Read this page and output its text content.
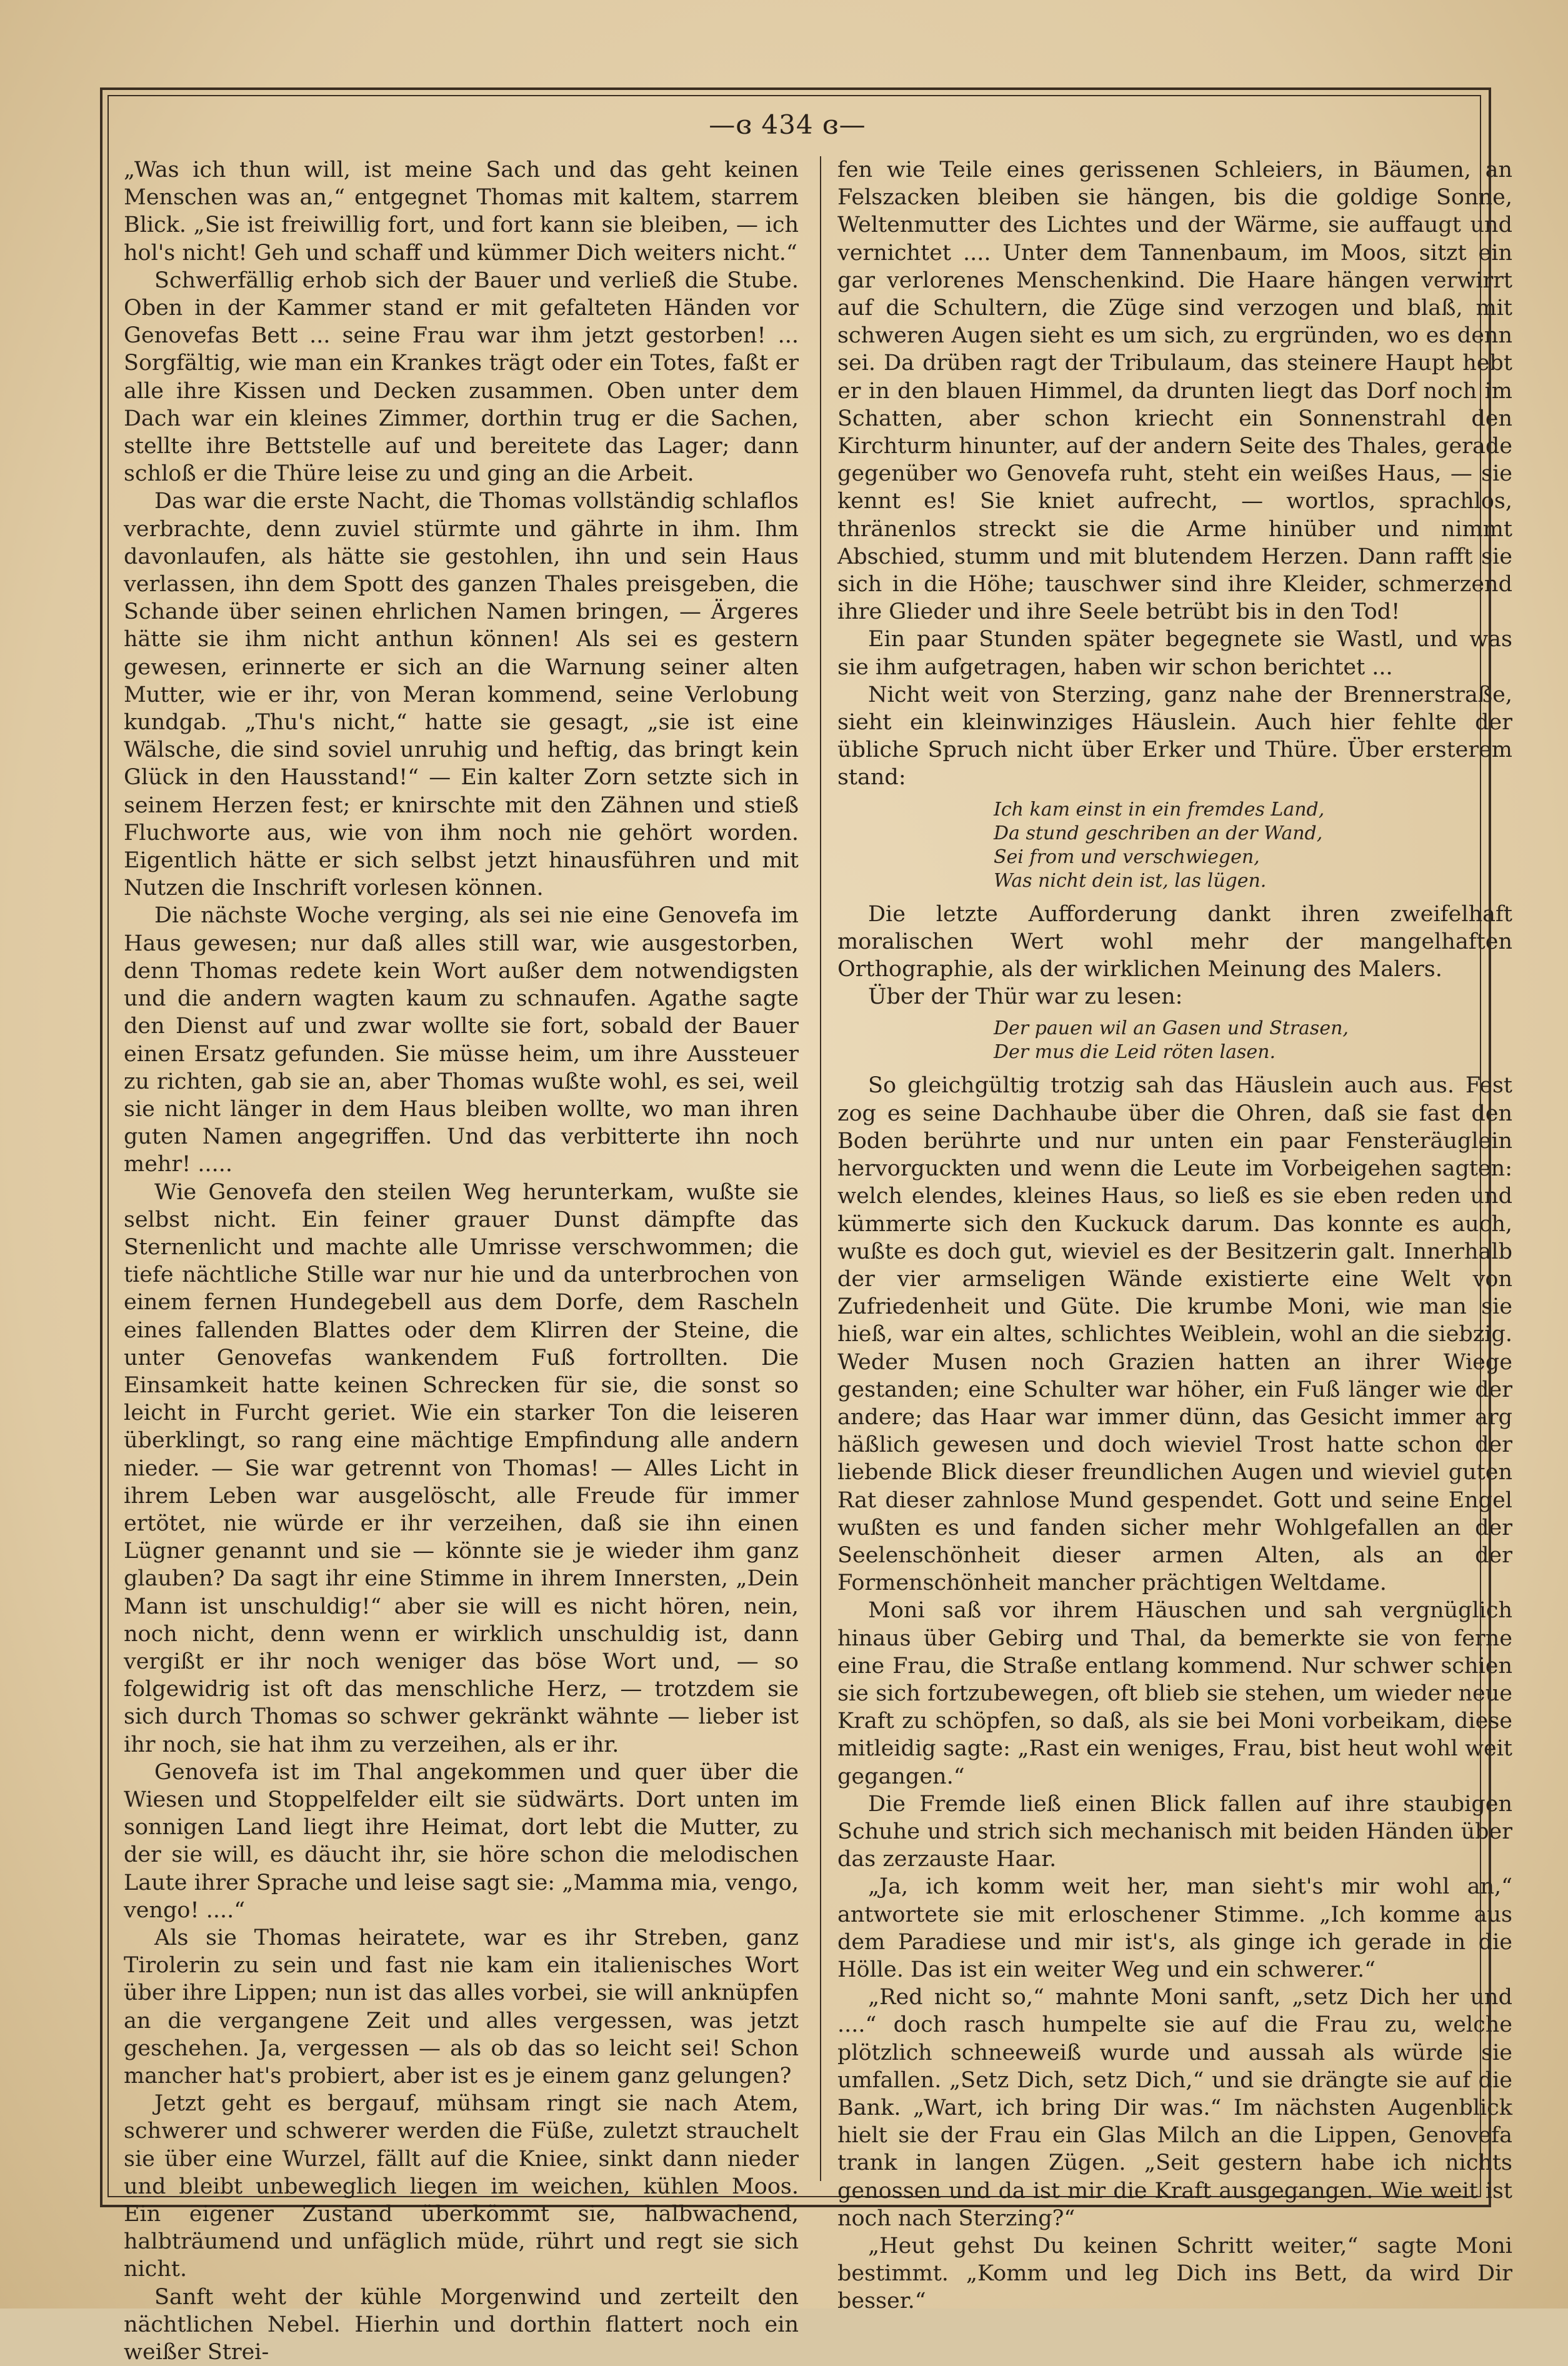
—ɞ 434 ɞ—

„Was ich thun will, ist meine Sach und das geht keinen Menschen was an,“ entgegnet Thomas mit kaltem, starrem Blick. „Sie ist freiwillig fort, und fort kann sie bleiben, — ich hol's nicht! Geh und schaff und kümmer Dich weiters nicht.“

Schwerfällig erhob sich der Bauer und verließ die Stube. Oben in der Kammer stand er mit gefalteten Händen vor Genovefas Bett ... seine Frau war ihm jetzt gestorben! ... Sorgfältig, wie man ein Krankes trägt oder ein Totes, faßt er alle ihre Kissen und Decken zusammen. Oben unter dem Dach war ein kleines Zimmer, dorthin trug er die Sachen, stellte ihre Bettstelle auf und bereitete das Lager; dann schloß er die Thüre leise zu und ging an die Arbeit.

Das war die erste Nacht, die Thomas vollständig schlaflos verbrachte, denn zuviel stürmte und gährte in ihm. Ihm davonlaufen, als hätte sie gestohlen, ihn und sein Haus verlassen, ihn dem Spott des ganzen Thales preisgeben, die Schande über seinen ehrlichen Namen bringen, — Ärgeres hätte sie ihm nicht anthun können! Als sei es gestern gewesen, erinnerte er sich an die Warnung seiner alten Mutter, wie er ihr, von Meran kommend, seine Verlobung kundgab. „Thu's nicht,“ hatte sie gesagt, „sie ist eine Wälsche, die sind soviel unruhig und heftig, das bringt kein Glück in den Hausstand!“ — Ein kalter Zorn setzte sich in seinem Herzen fest; er knirschte mit den Zähnen und stieß Fluchworte aus, wie von ihm noch nie gehört worden. Eigentlich hätte er sich selbst jetzt hinausführen und mit Nutzen die Inschrift vorlesen können.

Die nächste Woche verging, als sei nie eine Genovefa im Haus gewesen; nur daß alles still war, wie ausgestorben, denn Thomas redete kein Wort außer dem notwendigsten und die andern wagten kaum zu schnaufen. Agathe sagte den Dienst auf und zwar wollte sie fort, sobald der Bauer einen Ersatz gefunden. Sie müsse heim, um ihre Aussteuer zu richten, gab sie an, aber Thomas wußte wohl, es sei, weil sie nicht länger in dem Haus bleiben wollte, wo man ihren guten Namen angegriffen. Und das verbitterte ihn noch mehr! .....

Wie Genovefa den steilen Weg herunterkam, wußte sie selbst nicht. Ein feiner grauer Dunst dämpfte das Sternenlicht und machte alle Umrisse verschwommen; die tiefe nächtliche Stille war nur hie und da unterbrochen von einem fernen Hundegebell aus dem Dorfe, dem Rascheln eines fallenden Blattes oder dem Klirren der Steine, die unter Genovefas wankendem Fuß fortrollten. Die Einsamkeit hatte keinen Schrecken für sie, die sonst so leicht in Furcht geriet. Wie ein starker Ton die leiseren überklingt, so rang eine mächtige Empfindung alle andern nieder. — Sie war getrennt von Thomas! — Alles Licht in ihrem Leben war ausgelöscht, alle Freude für immer ertötet, nie würde er ihr verzeihen, daß sie ihn einen Lügner genannt und sie — könnte sie je wieder ihm ganz glauben? Da sagt ihr eine Stimme in ihrem Innersten, „Dein Mann ist unschuldig!“ aber sie will es nicht hören, nein, noch nicht, denn wenn er wirklich unschuldig ist, dann vergißt er ihr noch weniger das böse Wort und, — so folgewidrig ist oft das menschliche Herz, — trotzdem sie sich durch Thomas so schwer gekränkt wähnte — lieber ist ihr noch, sie hat ihm zu verzeihen, als er ihr.

Genovefa ist im Thal angekommen und quer über die Wiesen und Stoppelfelder eilt sie südwärts. Dort unten im sonnigen Land liegt ihre Heimat, dort lebt die Mutter, zu der sie will, es däucht ihr, sie höre schon die melodischen Laute ihrer Sprache und leise sagt sie: „Mamma mia, vengo, vengo! ....“

Als sie Thomas heiratete, war es ihr Streben, ganz Tirolerin zu sein und fast nie kam ein italienisches Wort über ihre Lippen; nun ist das alles vorbei, sie will anknüpfen an die vergangene Zeit und alles vergessen, was jetzt geschehen. Ja, vergessen — als ob das so leicht sei! Schon mancher hat's probiert, aber ist es je einem ganz gelungen?

Jetzt geht es bergauf, mühsam ringt sie nach Atem, schwerer und schwerer werden die Füße, zuletzt strauchelt sie über eine Wurzel, fällt auf die Kniee, sinkt dann nieder und bleibt unbeweglich liegen im weichen, kühlen Moos. Ein eigener Zustand überkömmt sie, halbwachend, halbträumend und unfäglich müde, rührt und regt sie sich nicht.

Sanft weht der kühle Morgenwind und zerteilt den nächtlichen Nebel. Hierhin und dorthin flattert noch ein weißer Strei-

fen wie Teile eines gerissenen Schleiers, in Bäumen, an Felszacken bleiben sie hängen, bis die goldige Sonne, Weltenmutter des Lichtes und der Wärme, sie auffaugt und vernichtet .... Unter dem Tannenbaum, im Moos, sitzt ein gar verlorenes Menschenkind. Die Haare hängen verwirrt auf die Schultern, die Züge sind verzogen und blaß, mit schweren Augen sieht es um sich, zu ergründen, wo es denn sei. Da drüben ragt der Tribulaum, das steinere Haupt hebt er in den blauen Himmel, da drunten liegt das Dorf noch im Schatten, aber schon kriecht ein Sonnenstrahl den Kirchturm hinunter, auf der andern Seite des Thales, gerade gegenüber wo Genovefa ruht, steht ein weißes Haus, — sie kennt es! Sie kniet aufrecht, — wortlos, sprachlos, thränenlos streckt sie die Arme hinüber und nimmt Abschied, stumm und mit blutendem Herzen. Dann rafft sie sich in die Höhe; tauschwer sind ihre Kleider, schmerzend ihre Glieder und ihre Seele betrübt bis in den Tod!

Ein paar Stunden später begegnete sie Wastl, und was sie ihm aufgetragen, haben wir schon berichtet ...

Nicht weit von Sterzing, ganz nahe der Brennerstraße, sieht ein kleinwinziges Häuslein. Auch hier fehlte der übliche Spruch nicht über Erker und Thüre. Über ersterem stand:

Ich kam einst in ein fremdes Land,
Da stund geschriben an der Wand,
Sei from und verschwiegen,
Was nicht dein ist, las lügen.

Die letzte Aufforderung dankt ihren zweifelhaft moralischen Wert wohl mehr der mangelhaften Orthographie, als der wirklichen Meinung des Malers.

Über der Thür war zu lesen:

Der pauen wil an Gasen und Strasen,
Der mus die Leid röten lasen.

So gleichgültig trotzig sah das Häuslein auch aus. Fest zog es seine Dachhaube über die Ohren, daß sie fast den Boden berührte und nur unten ein paar Fensteräuglein hervorguckten und wenn die Leute im Vorbeigehen sagten: welch elendes, kleines Haus, so ließ es sie eben reden und kümmerte sich den Kuckuck darum. Das konnte es auch, wußte es doch gut, wieviel es der Besitzerin galt. Innerhalb der vier armseligen Wände existierte eine Welt von Zufriedenheit und Güte. Die krumbe Moni, wie man sie hieß, war ein altes, schlichtes Weiblein, wohl an die siebzig. Weder Musen noch Grazien hatten an ihrer Wiege gestanden; eine Schulter war höher, ein Fuß länger wie der andere; das Haar war immer dünn, das Gesicht immer arg häßlich gewesen und doch wieviel Trost hatte schon der liebende Blick dieser freundlichen Augen und wieviel guten Rat dieser zahnlose Mund gespendet. Gott und seine Engel wußten es und fanden sicher mehr Wohlgefallen an der Seelenschönheit dieser armen Alten, als an der Formenschönheit mancher prächtigen Weltdame.

Moni saß vor ihrem Häuschen und sah vergnüglich hinaus über Gebirg und Thal, da bemerkte sie von ferne eine Frau, die Straße entlang kommend. Nur schwer schien sie sich fortzubewegen, oft blieb sie stehen, um wieder neue Kraft zu schöpfen, so daß, als sie bei Moni vorbeikam, diese mitleidig sagte: „Rast ein weniges, Frau, bist heut wohl weit gegangen.“

Die Fremde ließ einen Blick fallen auf ihre staubigen Schuhe und strich sich mechanisch mit beiden Händen über das zerzauste Haar.

„Ja, ich komm weit her, man sieht's mir wohl an,“ antwortete sie mit erloschener Stimme. „Ich komme aus dem Paradiese und mir ist's, als ginge ich gerade in die Hölle. Das ist ein weiter Weg und ein schwerer.“

„Red nicht so,“ mahnte Moni sanft, „setz Dich her und ....“ doch rasch humpelte sie auf die Frau zu, welche plötzlich schneeweiß wurde und aussah als würde sie umfallen. „Setz Dich, setz Dich,“ und sie drängte sie auf die Bank. „Wart, ich bring Dir was.“ Im nächsten Augenblick hielt sie der Frau ein Glas Milch an die Lippen, Genovefa trank in langen Zügen. „Seit gestern habe ich nichts genossen und da ist mir die Kraft ausgegangen. Wie weit ist noch nach Sterzing?“

„Heut gehst Du keinen Schritt weiter,“ sagte Moni bestimmt. „Komm und leg Dich ins Bett, da wird Dir besser.“
